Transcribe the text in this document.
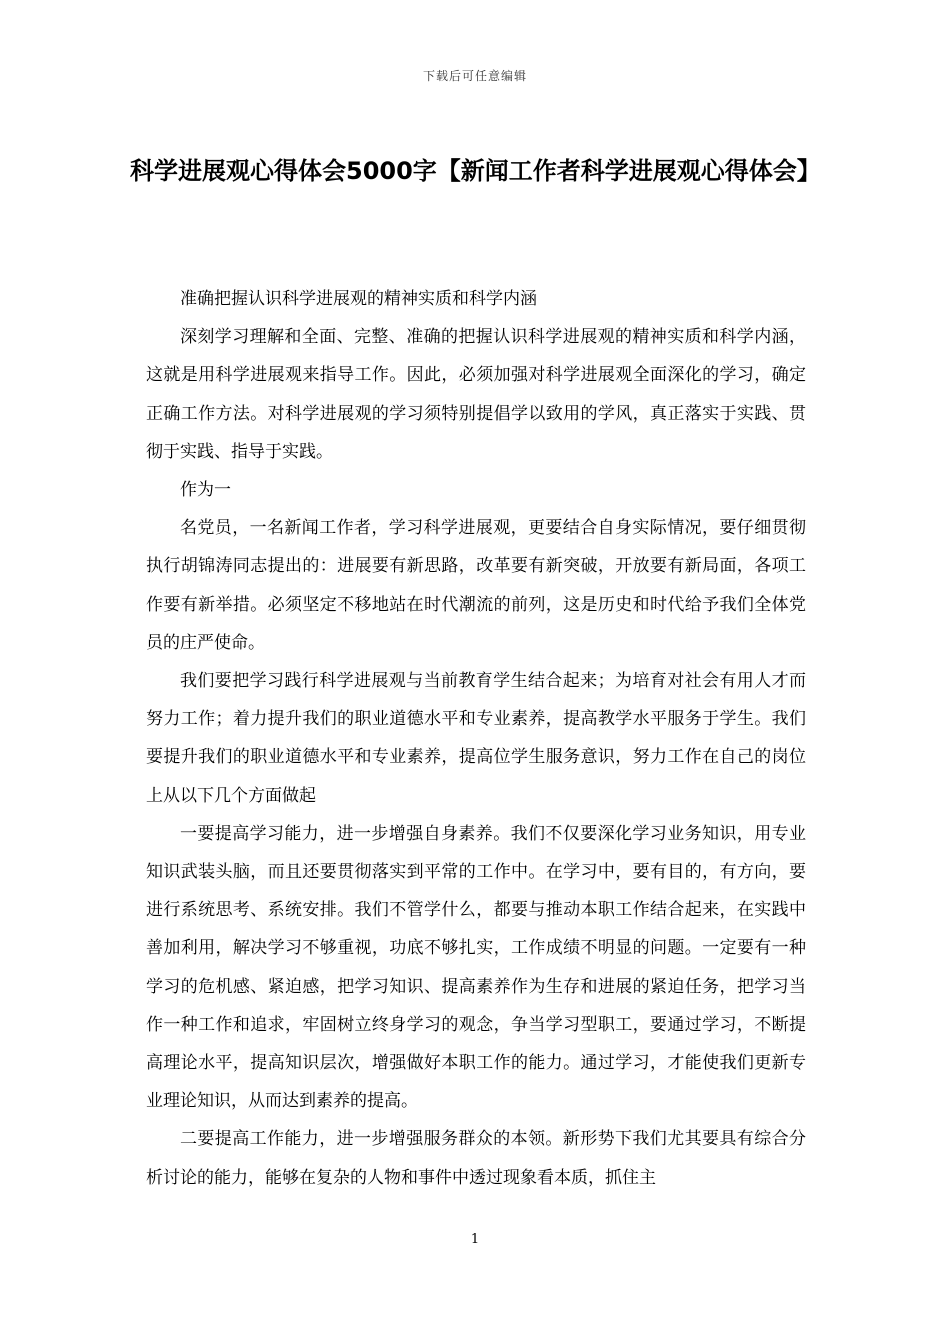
下载后可任意编辑
科学进展观心得体会5000字【新闻工作者科学进展观心得体会】

准确把握认识科学进展观的精神实质和科学内涵

深刻学习理解和全面、完整、准确的把握认识科学进展观的精神实质和科学内涵，这就是用科学进展观来指导工作。因此，必须加强对科学进展观全面深化的学习，确定正确工作方法。对科学进展观的学习须特别提倡学以致用的学风，真正落实于实践、贯彻于实践、指导于实践。

作为一

名党员，一名新闻工作者，学习科学进展观，更要结合自身实际情况，要仔细贯彻执行胡锦涛同志提出的：进展要有新思路，改革要有新突破，开放要有新局面，各项工作要有新举措。必须坚定不移地站在时代潮流的前列，这是历史和时代给予我们全体党员的庄严使命。

我们要把学习践行科学进展观与当前教育学生结合起来；为培育对社会有用人才而努力工作；着力提升我们的职业道德水平和专业素养，提高教学水平服务于学生。我们要提升我们的职业道德水平和专业素养，提高位学生服务意识，努力工作在自己的岗位上从以下几个方面做起

一要提高学习能力，进一步增强自身素养。我们不仅要深化学习业务知识，用专业知识武装头脑，而且还要贯彻落实到平常的工作中。在学习中，要有目的，有方向，要进行系统思考、系统安排。我们不管学什么，都要与推动本职工作结合起来，在实践中善加利用，解决学习不够重视，功底不够扎实，工作成绩不明显的问题。一定要有一种学习的危机感、紧迫感，把学习知识、提高素养作为生存和进展的紧迫任务，把学习当作一种工作和追求，牢固树立终身学习的观念，争当学习型职工，要通过学习，不断提高理论水平，提高知识层次，增强做好本职工作的能力。通过学习，才能使我们更新专业理论知识，从而达到素养的提高。

二要提高工作能力，进一步增强服务群众的本领。新形势下我们尤其要具有综合分析讨论的能力，能够在复杂的人物和事件中透过现象看本质，抓住主

1
